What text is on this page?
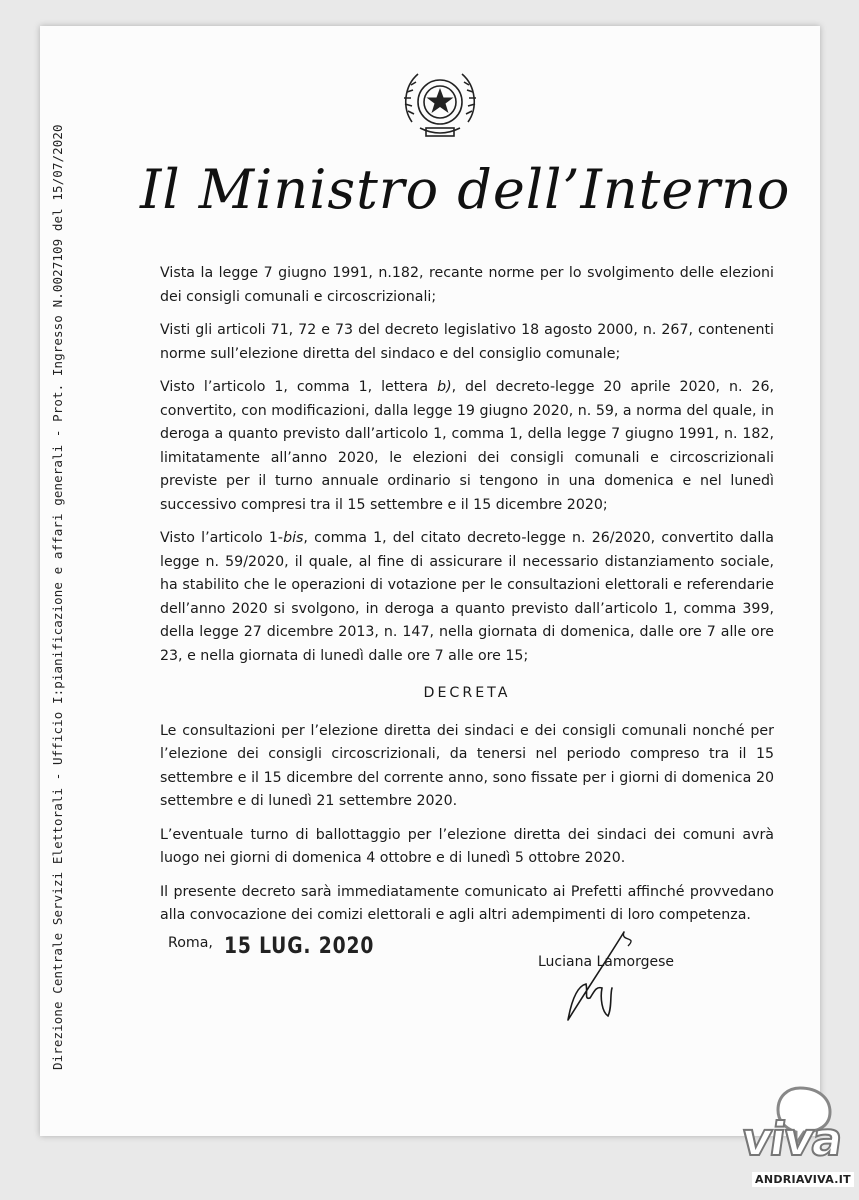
Direzione Centrale Servizi Elettorali - Ufficio I:pianificazione e affari generali - Prot. Ingresso N.0027109 del 15/07/2020 Il Ministro dell’Interno

Vista la legge 7 giugno 1991, n.182, recante norme per lo svolgimento delle elezioni dei consigli comunali e circoscrizionali;

Visti gli articoli 71, 72 e 73 del decreto legislativo 18 agosto 2000, n. 267, contenenti norme sull’elezione diretta del sindaco e del consiglio comunale;

Visto l’articolo 1, comma 1, lettera b), del decreto-legge 20 aprile 2020, n. 26, convertito, con modificazioni, dalla legge 19 giugno 2020, n. 59, a norma del quale, in deroga a quanto previsto dall’articolo 1, comma 1, della legge 7 giugno 1991, n. 182, limitatamente all’anno 2020, le elezioni dei consigli comunali e circoscrizionali previste per il turno annuale ordinario si tengono in una domenica e nel lunedì successivo compresi tra il 15 settembre e il 15 dicembre 2020;

Visto l’articolo 1-bis, comma 1, del citato decreto-legge n. 26/2020, convertito dalla legge n. 59/2020, il quale, al fine di assicurare il necessario distanziamento sociale, ha stabilito che le operazioni di votazione per le consultazioni elettorali e referendarie dell’anno 2020 si svolgono, in deroga a quanto previsto dall’articolo 1, comma 399, della legge 27 dicembre 2013, n. 147, nella giornata di domenica, dalle ore 7 alle ore 23, e nella giornata di lunedì dalle ore 7 alle ore 15;

DECRETA

Le consultazioni per l’elezione diretta dei sindaci e dei consigli comunali nonché per l’elezione dei consigli circoscrizionali, da tenersi nel periodo compreso tra il 15 settembre e il 15 dicembre del corrente anno, sono fissate per i giorni di domenica 20 settembre e di lunedì 21 settembre 2020.

L’eventuale turno di ballottaggio per l’elezione diretta dei sindaci dei comuni avrà luogo nei giorni di domenica 4 ottobre e di lunedì 5 ottobre 2020.

Il presente decreto sarà immediatamente comunicato ai Prefetti affinché provvedano alla convocazione dei comizi elettorali e agli altri adempimenti di loro competenza.

Roma, 15 LUG. 2020
Luciana Lamorgese
viva
ANDRIAVIVA.IT
